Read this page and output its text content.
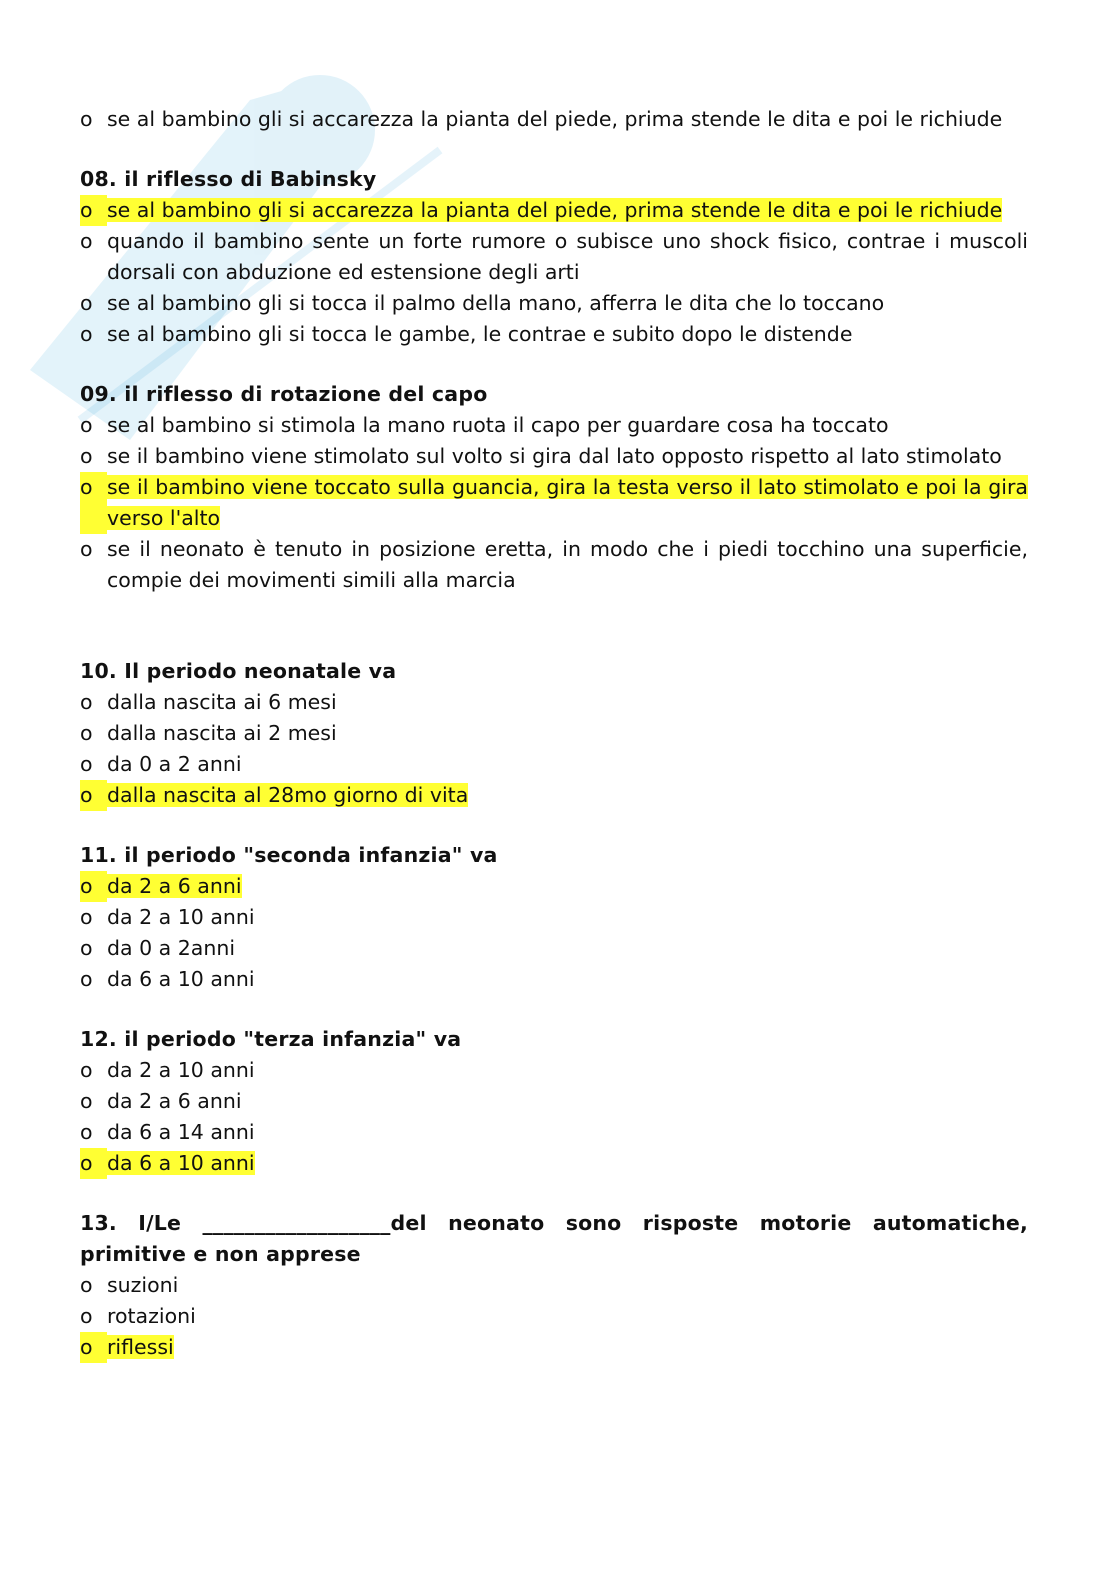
o se al bambino gli si accarezza la pianta del piede, prima stende le dita e poi le richiude
08. il riflesso di Babinsky
o se al bambino gli si accarezza la pianta del piede, prima stende le dita e poi le richiude
o quando il bambino sente un forte rumore o subisce uno shock fisico, contrae i muscoli dorsali con abduzione ed estensione degli arti
o se al bambino gli si tocca il palmo della mano, afferra le dita che lo toccano
o se al bambino gli si tocca le gambe, le contrae e subito dopo le distende
09. il riflesso di rotazione del capo
o se al bambino si stimola la mano ruota il capo per guardare cosa ha toccato
o se il bambino viene stimolato sul volto si gira dal lato opposto rispetto al lato stimolato
o se il bambino viene toccato sulla guancia, gira la testa verso il lato stimolato e poi la gira verso l'alto
o se il neonato è tenuto in posizione eretta, in modo che i piedi tocchino una superficie, compie dei movimenti simili alla marcia
10. Il periodo neonatale va
o dalla nascita ai 6 mesi
o dalla nascita ai 2 mesi
o da 0 a 2 anni
o dalla nascita al 28mo giorno di vita
11. il periodo "seconda infanzia" va
o da 2 a 6 anni
o da 2 a 10 anni
o da 0 a 2anni
o da 6 a 10 anni
12. il periodo "terza infanzia" va
o da 2 a 10 anni
o da 2 a 6 anni
o da 6 a 14 anni
o da 6 a 10 anni
13. I/Le __________________del neonato sono risposte motorie automatiche, primitive e non apprese
o suzioni
o rotazioni
o riflessi
